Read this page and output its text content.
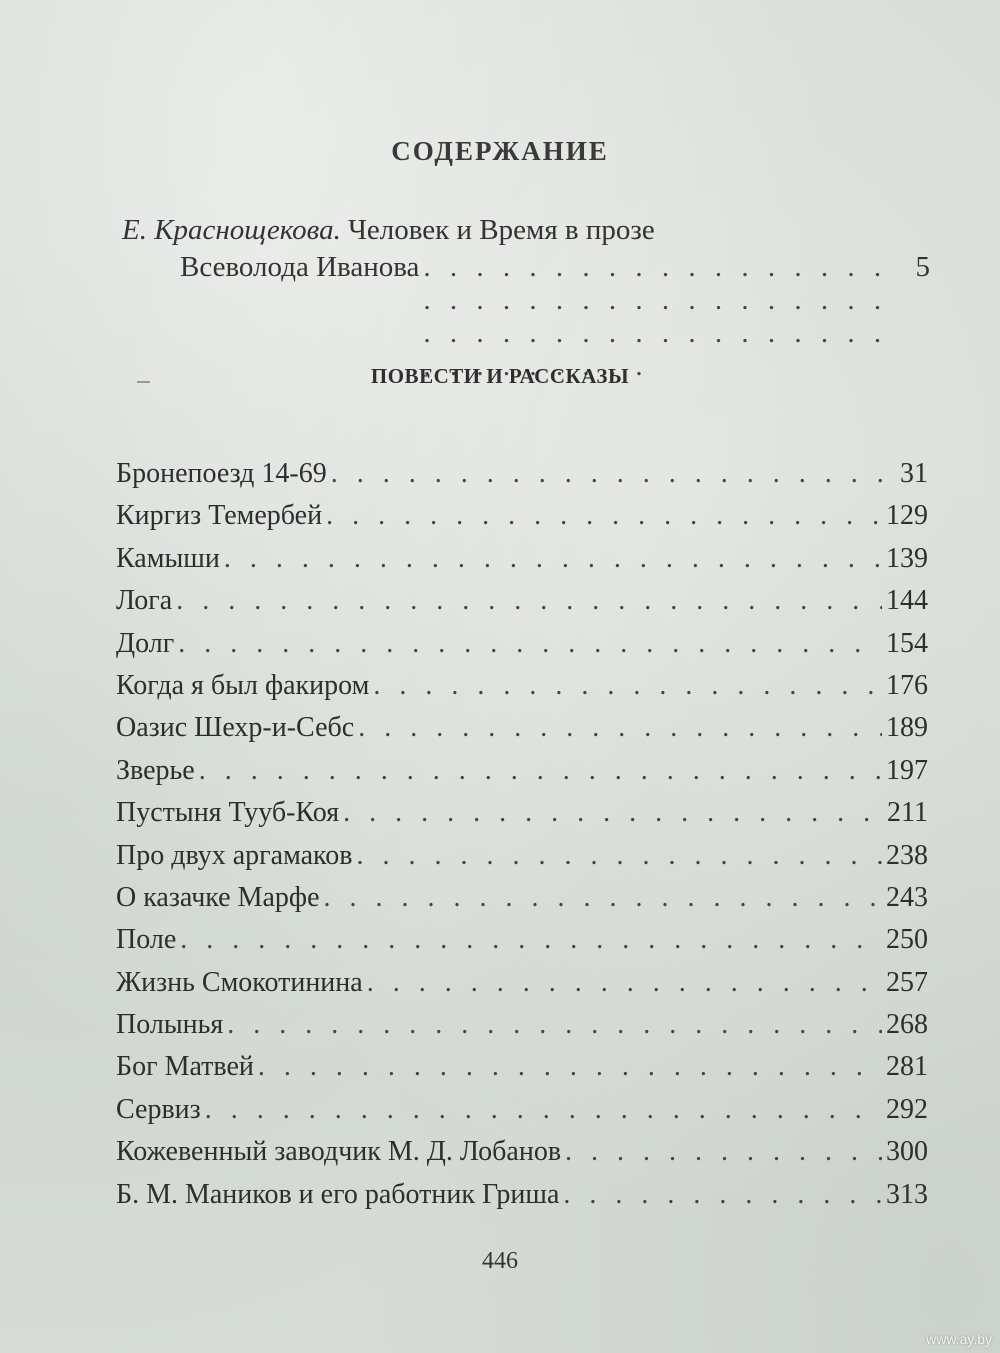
СОДЕРЖАНИЕ
Е. Краснощекова. Человек и Время в прозе
Всеволода Иванова . . .	5
ПОВЕСТИ И РАССКАЗЫ
Бронепоезд 14-69 . . .	31
Киргиз Темербей . . .	129
Камыши . . .	139
Лога . . .	144
Долг . . .	154
Когда я был факиром . . .	176
Оазис Шехр-и-Себс . . .	189
Зверье . . .	197
Пустыня Тууб-Коя . . .	211
Про двух аргамаков . . .	238
О казачке Марфе . . .	243
Поле . . .	250
Жизнь Смокотинина . . .	257
Полынья . . .	268
Бог Матвей . . .	281
Сервиз . . .	292
Кожевенный заводчик М. Д. Лобанов . . .	300
Б. М. Маников и его работник Гриша . . .	313
446
www.ay.by
